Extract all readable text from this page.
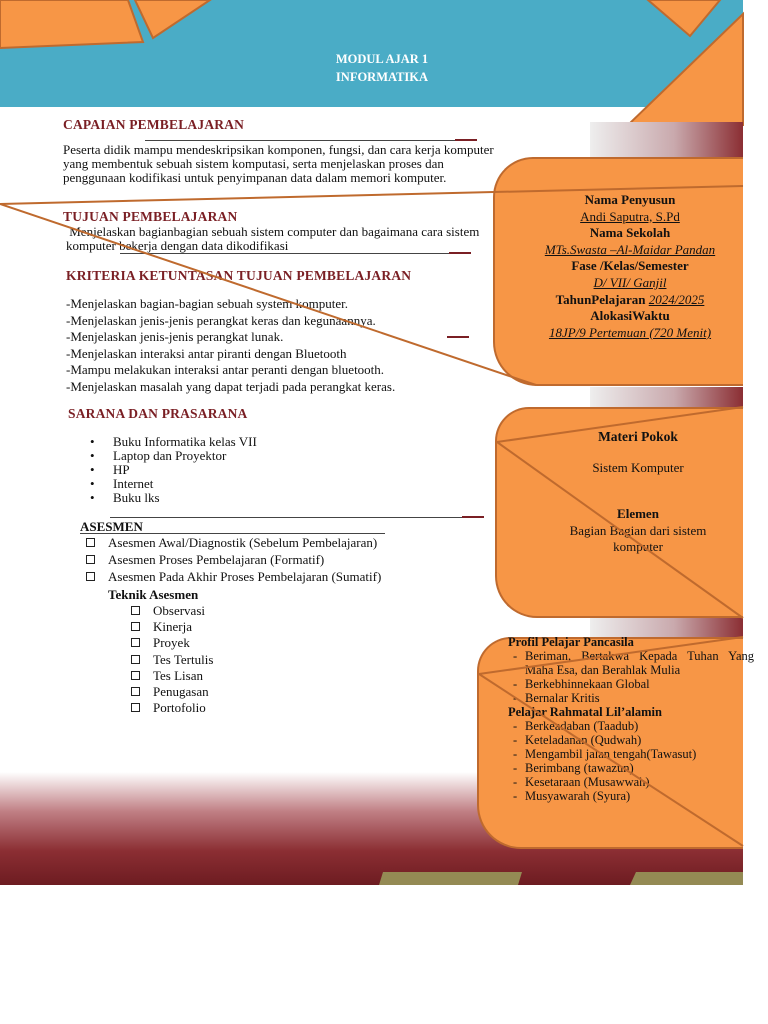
MODUL AJAR 1
INFORMATIKA
CAPAIAN PEMBELAJARAN
Peserta didik mampu mendeskripsikan komponen, fungsi, dan cara kerja komputer yang membentuk sebuah sistem komputasi, serta menjelaskan proses dan penggunaan kodifikasi untuk penyimpanan data dalam memori komputer.
TUJUAN PEMBELAJARAN
Menjelaskan bagianbagian sebuah sistem computer dan bagaimana cara sistem komputer bekerja dengan data dikodifikasi
KRITERIA KETUNTASAN TUJUAN PEMBELAJARAN
-Menjelaskan bagian-bagian sebuah system komputer.
-Menjelaskan jenis-jenis perangkat keras dan kegunaannya.
-Menjelaskan jenis-jenis perangkat lunak.
-Menjelaskan interaksi antar piranti dengan Bluetooth
-Mampu melakukan interaksi antar peranti dengan bluetooth.
-Menjelaskan masalah yang dapat terjadi pada perangkat keras.
SARANA DAN PRASARANA
• Buku Informatika kelas VII
• Laptop dan Proyektor
• HP
• Internet
• Buku lks
ASESMEN
Asesmen Awal/Diagnostik (Sebelum Pembelajaran)
Asesmen Proses Pembelajaran (Formatif)
Asesmen Pada Akhir Proses Pembelajaran (Sumatif)
Teknik Asesmen
Observasi
Kinerja
Proyek
Tes Tertulis
Tes Lisan
Penugasan
Portofolio
Nama Penyusun
Andi Saputra, S.Pd
Nama Sekolah
MTs.Swasta –Al-Maidar Pandan
Fase /Kelas/Semester
D/ VII/ Ganjil
TahunPelajaran 2024/2025
AlokasiWaktu
18JP/9 Pertemuan (720 Menit)
Materi Pokok
Sistem Komputer
Elemen
Bagian Bagian dari sistem komputer
Profil Pelajar Pancasila
- Beriman, Bertakwa Kepada Tuhan Yang Maha Esa, dan Berahlak Mulia
- Berkebhinnekaan Global
- Bernalar Kritis
Pelajar Rahmatal Lil’alamin
- Berkeadaban (Taadub)
- Keteladanan (Qudwah)
- Mengambil jalan tengah(Tawasut)
- Berimbang (tawazun)
- Kesetaraan (Musawwah)
- Musyawarah (Syura)
